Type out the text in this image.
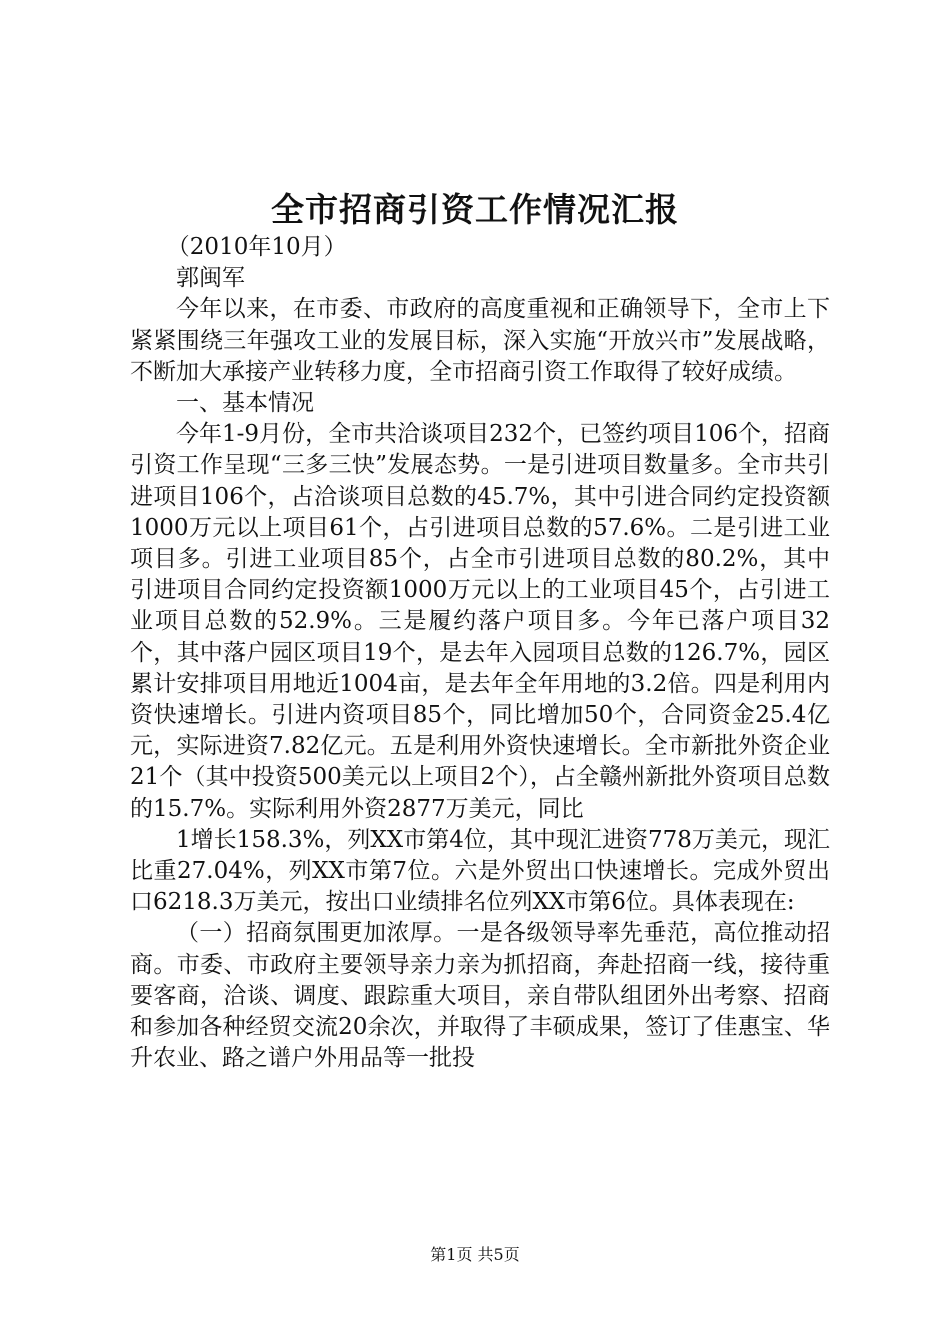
全市招商引资工作情况汇报

（2010年10月）

郭闽军

今年以来，在市委、市政府的高度重视和正确领导下，全市上下紧紧围绕三年强攻工业的发展目标，深入实施“开放兴市”发展战略，不断加大承接产业转移力度，全市招商引资工作取得了较好成绩。

一、基本情况

今年1-9月份，全市共洽谈项目232个，已签约项目106个，招商引资工作呈现“三多三快”发展态势。一是引进项目数量多。全市共引进项目106个，占洽谈项目总数的45.7%，其中引进合同约定投资额1000万元以上项目61个，占引进项目总数的57.6%。二是引进工业项目多。引进工业项目85个，占全市引进项目总数的80.2%，其中引进项目合同约定投资额1000万元以上的工业项目45个，占引进工业项目总数的52.9%。三是履约落户项目多。今年已落户项目32个，其中落户园区项目19个，是去年入园项目总数的126.7%，园区累计安排项目用地近1004亩，是去年全年用地的3.2倍。四是利用内资快速增长。引进内资项目85个，同比增加50个，合同资金25.4亿元，实际进资7.82亿元。五是利用外资快速增长。全市新批外资企业21个（其中投资500美元以上项目2个），占全赣州新批外资项目总数的15.7%。实际利用外资2877万美元，同比

1增长158.3%，列XX市第4位，其中现汇进资778万美元，现汇比重27.04%，列XX市第7位。六是外贸出口快速增长。完成外贸出口6218.3万美元，按出口业绩排名位列XX市第6位。具体表现在:

（一）招商氛围更加浓厚。一是各级领导率先垂范，高位推动招商。市委、市政府主要领导亲力亲为抓招商，奔赴招商一线，接待重要客商，洽谈、调度、跟踪重大项目，亲自带队组团外出考察、招商和参加各种经贸交流20余次，并取得了丰硕成果，签订了佳惠宝、华升农业、路之谱户外用品等一批投

第1页 共5页
